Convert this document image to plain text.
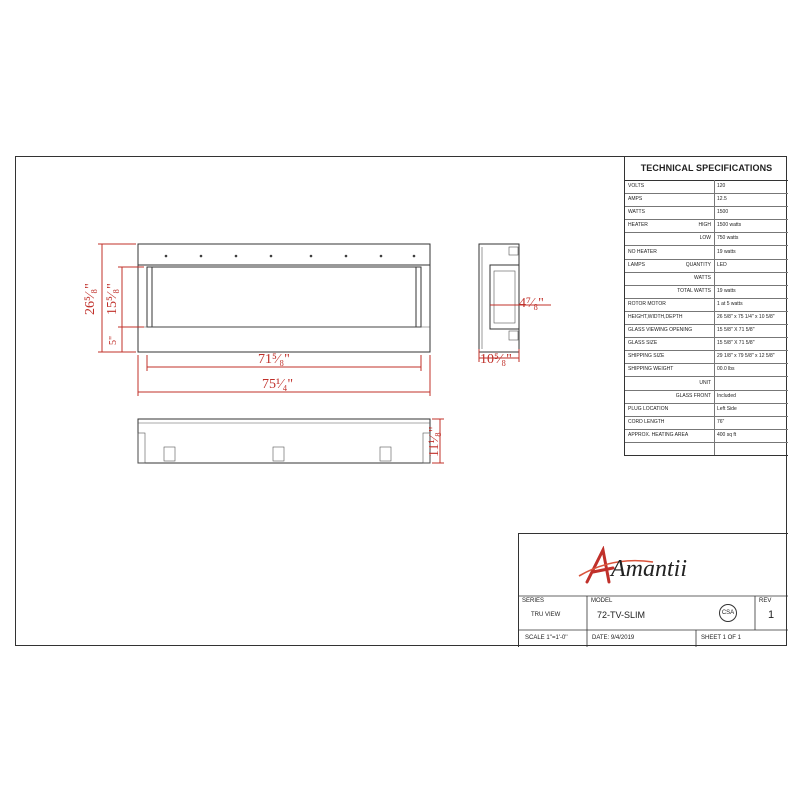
26⁵⁄₈" 15⁵⁄₈"
5"
71⁵⁄₈"
75¹⁄₄"
4⁷⁄₈"
10⁵⁄₈"
11¹⁄₈"
TECHNICAL SPECIFICATIONS
VOLTS	120
AMPS	12.5
WATTS	1500
HEATER	HIGH 1500 watts
LOW 750 watts
NO HEATER	19 watts
LAMPS	QUANTITY LED
WATTS
TOTAL WATTS 19 watts
ROTOR MOTOR	1 at 5 watts
HEIGHT,WIDTH,DEPTH	26 5/8" x 75 1/4" x 10 5/8"
GLASS VIEWING OPENING	15 5/8" X 71 5/8"
GLASS SIZE	15 5/8" X 71 5/8"
SHIPPING SIZE	29 1/8" x 79 5/8" x 12 5/8"
SHIPPING WEIGHT	00.0 lbs
UNIT
GLASS FRONT Included
PLUG LOCATION	Left Side
CORD LENGTH	76"
APPROX. HEATING AREA	400 sq ft
Amantii
SERIES
TRU VIEW
MODEL
72-TV-SLIM	CSA
REV
1
SCALE 1''=1'-0''	DATE: 9/4/2019	SHEET 1 OF 1
